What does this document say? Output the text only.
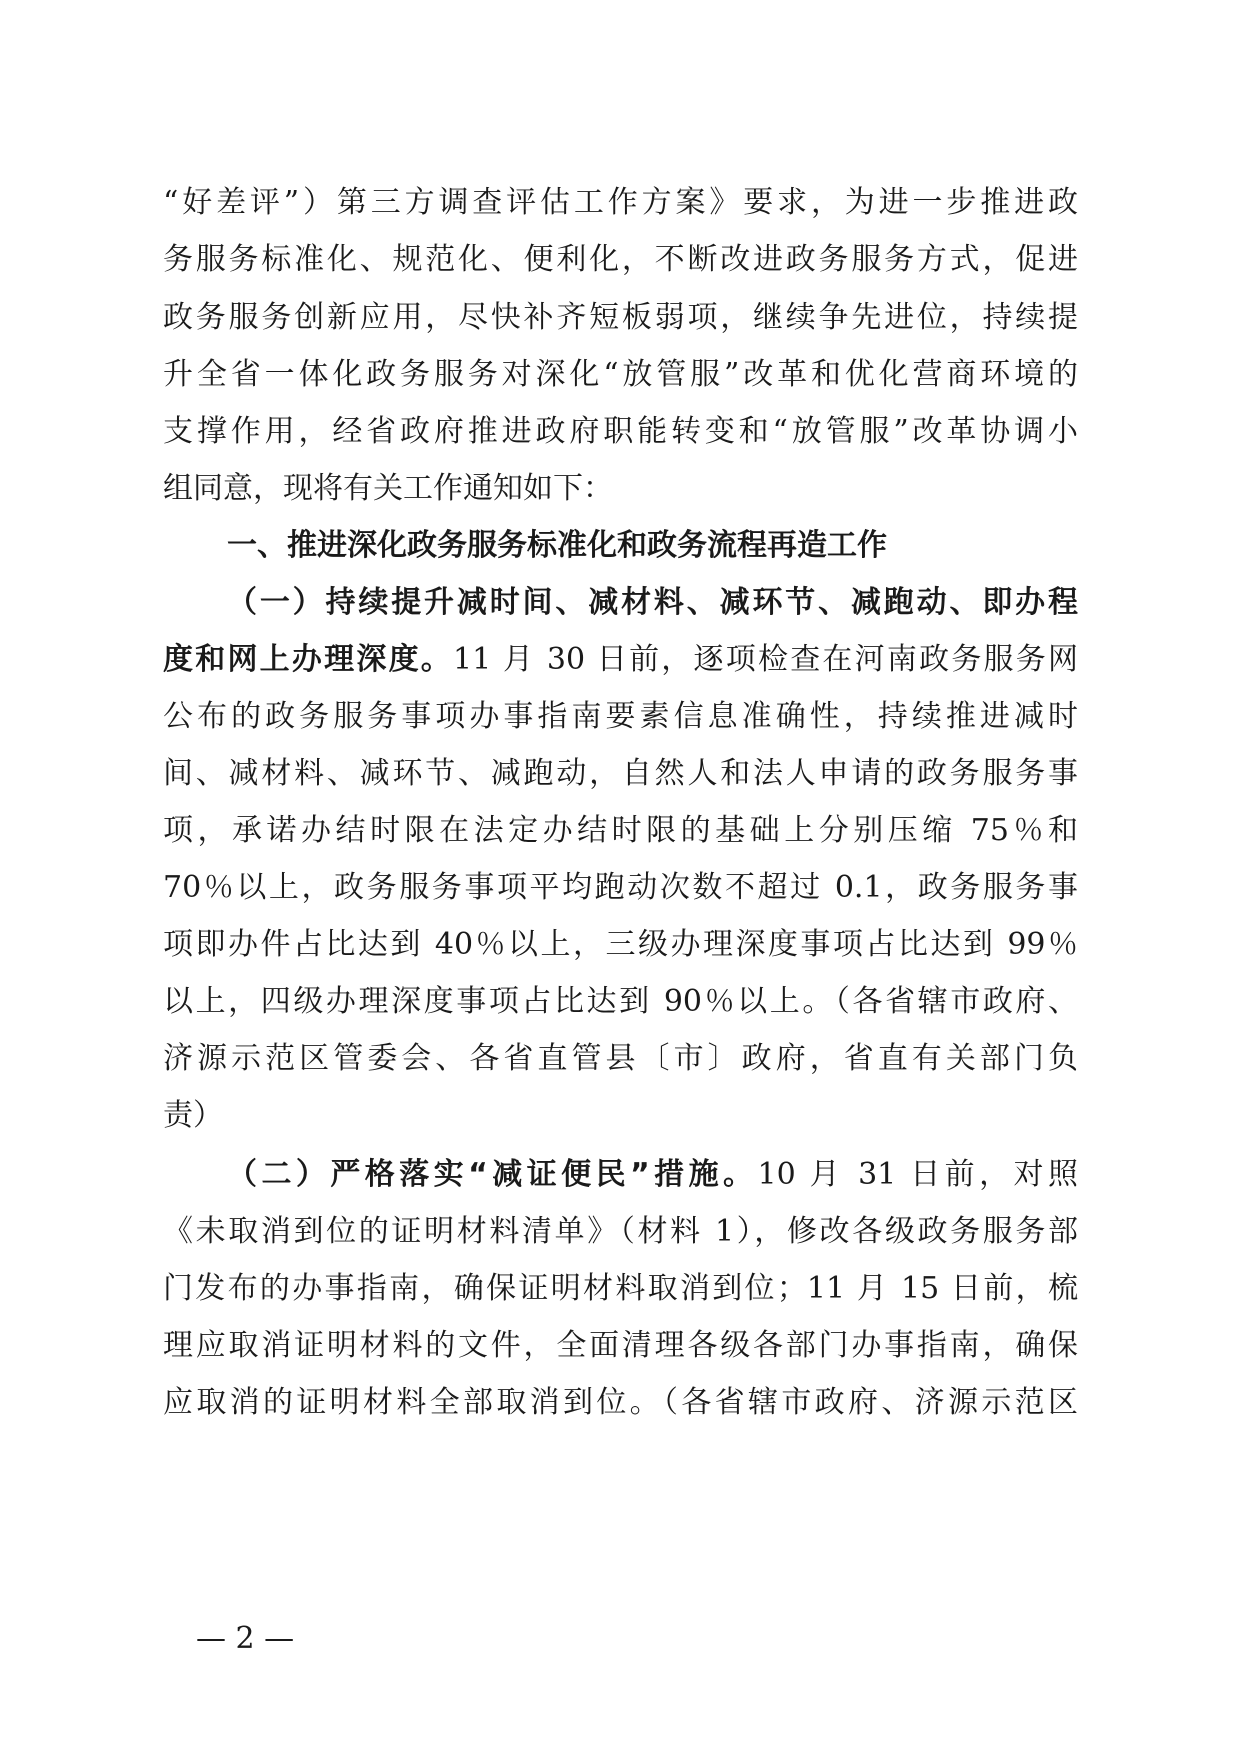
“好差评”）第三方调查评估工作方案》要求，为进一步推进政
务服务标准化、规范化、便利化，不断改进政务服务方式，促进
政务服务创新应用，尽快补齐短板弱项，继续争先进位，持续提
升全省一体化政务服务对深化“放管服”改革和优化营商环境的
支撑作用，经省政府推进政府职能转变和“放管服”改革协调小
组同意，现将有关工作通知如下：
一、推进深化政务服务标准化和政务流程再造工作
（一）持续提升减时间、减材料、减环节、减跑动、即办程
度和网上办理深度。11 月 30 日前，逐项检查在河南政务服务网
公布的政务服务事项办事指南要素信息准确性，持续推进减时
间、减材料、减环节、减跑动，自然人和法人申请的政务服务事
项，承诺办结时限在法定办结时限的基础上分别压缩 75％和
70％以上，政务服务事项平均跑动次数不超过 0.1，政务服务事
项即办件占比达到 40％以上，三级办理深度事项占比达到 99％
以上，四级办理深度事项占比达到 90％以上。（各省辖市政府、
济源示范区管委会、各省直管县〔市〕政府，省直有关部门负
责）
（二）严格落实“减证便民”措施。10 月 31 日前，对照
《未取消到位的证明材料清单》（材料 1），修改各级政务服务部
门发布的办事指南，确保证明材料取消到位；11 月 15 日前，梳
理应取消证明材料的文件，全面清理各级各部门办事指南，确保
应取消的证明材料全部取消到位。（各省辖市政府、济源示范区
— 2 —
